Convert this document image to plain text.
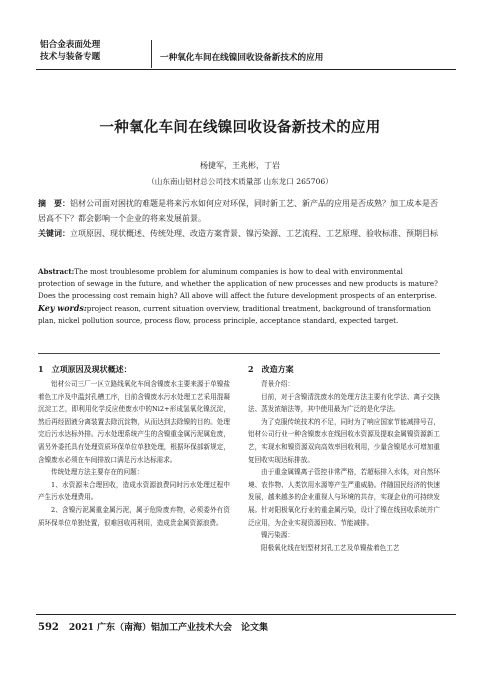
铝合金表面处理
技术与装备专题	一种氧化车间在线镍回收设备新技术的应用
一种氧化车间在线镍回收设备新技术的应用
杨捷军，王兆彬，丁岩
（山东南山铝材总公司技术质量部 山东龙口 265706）
摘　要：铝材公司面对困扰的难题是将来污水如何应对环保，同时新工艺、新产品的应用是否成熟？加工成本是否居高不下？都会影响一个企业的将来发展前景。
关键词：立项原因、现状概述、传统处理、改造方案背景、镍污染源、工艺流程、工艺原理、验收标准、预期目标
Abstract:The most troublesome problem for aluminum companies is how to deal with environmental protection of sewage in the future, and whether the application of new processes and new products is mature? Does the processing cost remain high? All above will affect the future development prospects of an enterprise.
Key words:project reason, current situation overview, traditional treatment, background of transformation plan, nickel pollution source, process flow, process principle, acceptance standard, expected target.
1　立项原因及现状概述：

铝材公司三厂一区立路线氧化车间含镍废水主要来源于单镍盐着色工序及中温封孔槽工序，目前含镍废水污水处理工艺采用混凝沉淀工艺，即利用化学反应使废水中的Ni2+形成氢氧化镍沉淀，然后再经固液分离装置去除沉淀物，从而达到去除镍的目的。处理完后污水达标外排。污水处理系统产生的含镍重金属污泥属危废，需另外委托具有处理资质环保单位单独处理，根据环保部新规定，含镍废水必须在车间排放口满足污水达标需求。

传统处理方法主要存在的问题：

1、水资源未合理回收，造成水资源浪费同时污水处理过程中产生污水处理费用。

2、含镍污泥属重金属污泥，属于危险废弃物，必须委外有资质环保单位单独处置，很难回收再利用，造成贵金属资源浪费。

2　改造方案

背景介绍：

目前，对于含镍清洗废水的处理方法主要有化学法、离子交换法、蒸发浓缩法等，其中使用最为广泛的是化学法。

为了克服传统技术的不足，同时为了响应国家节能减排号召，铝材公司行业一种含镍废水在线回收水资源及提取金属镍资源新工艺，实现水和镍资源双向高效率回收利用，少量含镍尾水可增加重复回收实现达标排放。

由于重金属镍离子管控非常严格，若超标排入水体，对自然环境、农作物、人类饮用水源等产生严重威胁。伴随国民经济的快速发展，越来越多的企业重视人与环境的共存，实现企业的可持续发展。针对阳极氧化行业的重金属污染，设计了镍在线回收系统并广泛应用，为企业实现资源回收、节能减排。

镍污染源：

阳极氧化线在铝型材封孔工艺及单镍盐着色工艺

592 2021 广东（南海）铝加工产业技术大会　论文集
